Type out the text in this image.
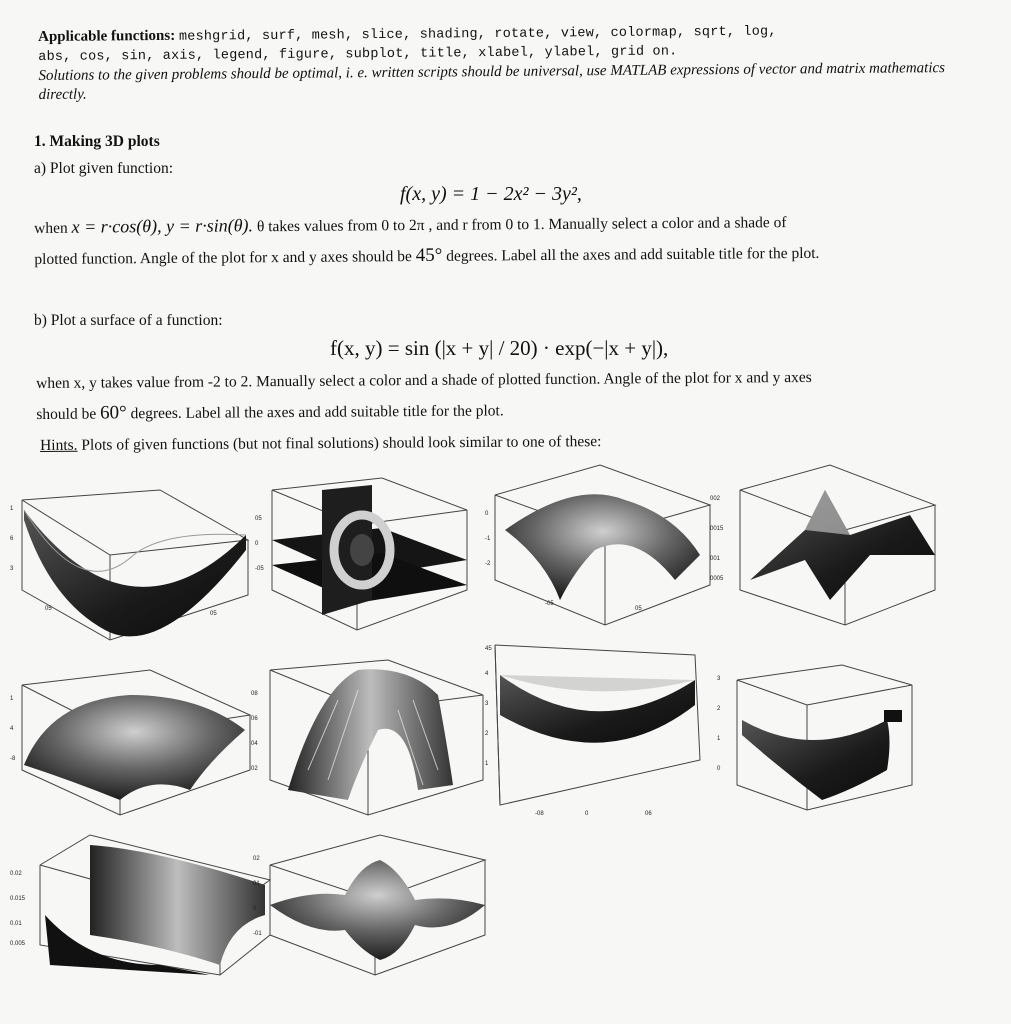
Applicable functions: meshgrid, surf, mesh, slice, shading, rotate, view, colormap, sqrt, log,
abs, cos, sin, axis, legend, figure, subplot, title, xlabel, ylabel, grid on.
Solutions to the given problems should be optimal, i. e. written scripts should be universal, use MATLAB expressions of vector and matrix mathematics directly.
1. Making 3D plots
a) Plot given function:
f(x, y) = 1 − 2x² − 3y²,
when x = r·cos(θ), y = r·sin(θ). θ takes values from 0 to 2π , and r from 0 to 1. Manually select a color and a shade of
plotted function. Angle of the plot for x and y axes should be 45° degrees. Label all the axes and add suitable title for the plot.
b) Plot a surface of a function:
f(x, y) = sin (|x + y| / 20) · exp(−|x + y|),
when x, y takes value from -2 to 2. Manually select a color and a shade of plotted function. Angle of the plot for x and y axes
should be 60° degrees. Label all the axes and add suitable title for the plot.
Hints. Plots of given functions (but not final solutions) should look similar to one of these:
1
6
3
05
0
05
05
0
-05
0
-1
-2
-05
05
002
0015
001
0005
1
4
-8
08
06
04
02
45
4
3
2
1
-08	0	06
3
2
1
0
0.02
0.015
0.01
0.005
02
01
0
-01
